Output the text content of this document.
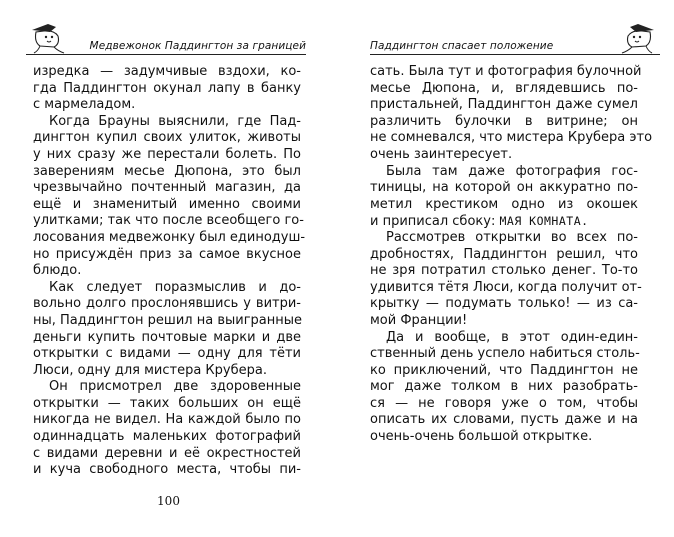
Медвежонок Паддингтон за границей
изредка — задумчивые вздохи, ко-
гда Паддингтон окунал лапу в банку
с мармеладом.
Когда Брауны выяснили, где Пад-
дингтон купил своих улиток, животы
у них сразу же перестали болеть. По
заверениям месье Дюпона, это был
чрезвычайно почтенный магазин, да
ещё и знаменитый именно своими
улитками; так что после всеобщего го-
лосования медвежонку был единодуш-
но присуждён приз за самое вкусное
блюдо.
Как следует поразмыслив и до-
вольно долго прослонявшись у витри-
ны, Паддингтон решил на выигранные
деньги купить почтовые марки и две
открытки с видами — одну для тёти
Люси, одну для мистера Крубера.
Он присмотрел две здоровенные
открытки — таких больших он ещё
никогда не видел. На каждой было по
одиннадцать маленьких фотографий
с видами деревни и её окрестностей
и куча свободного места, чтобы пи-
100
Паддингтон спасает положение
сать. Была тут и фотография булочной
месье Дюпона, и, вглядевшись по-
пристальней, Паддингтон даже сумел
различить булочки в витрине; он
не сомневался, что мистера Крубера это
очень заинтересует.
Была там даже фотография гос-
тиницы, на которой он аккуратно по-
метил крестиком одно из окошек
и приписал сбоку: МАЯ КОМНАТА.
Рассмотрев открытки во всех по-
дробностях, Паддингтон решил, что
не зря потратил столько денег. То-то
удивится тётя Люси, когда получит от-
крытку — подумать только! — из са-
мой Франции!
Да и вообще, в этот один-един-
ственный день успело набиться столь-
ко приключений, что Паддингтон не
мог даже толком в них разобрать-
ся — не говоря уже о том, чтобы
описать их словами, пусть даже и на
очень-очень большой открытке.
